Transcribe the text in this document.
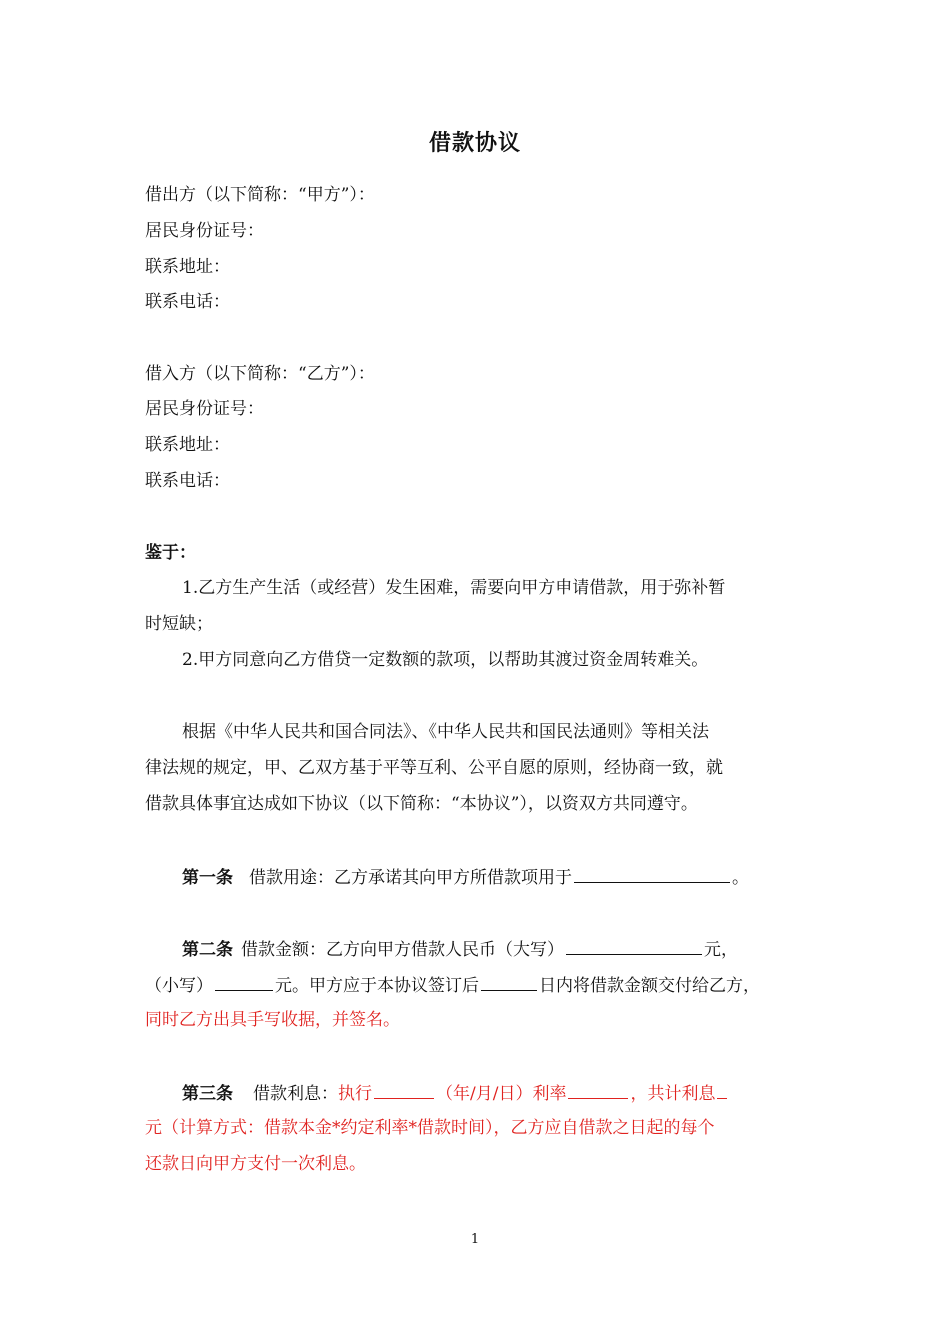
借款协议
借出方（以下简称：“甲方”）：
居民身份证号：
联系地址：
联系电话：
借入方（以下简称：“乙方”）：
居民身份证号：
联系地址：
联系电话：
鉴于：
1.乙方生产生活（或经营）发生困难，需要向甲方申请借款，用于弥补暂
时短缺；
2.甲方同意向乙方借贷一定数额的款项，以帮助其渡过资金周转难关。
根据《中华人民共和国合同法》、《中华人民共和国民法通则》等相关法
律法规的规定，甲、乙双方基于平等互利、公平自愿的原则，经协商一致，就
借款具体事宜达成如下协议（以下简称：“本协议”），以资双方共同遵守。
第一条 借款用途：乙方承诺其向甲方所借款项用于	。
第二条 借款金额：乙方向甲方借款人民币（大写）	元，
（小写）	元。甲方应于本协议签订后	日内将借款金额交付给乙方，
同时乙方出具手写收据，并签名。
第三条 借款利息：执行	（年/月/日）利率	，共计利息
元（计算方式：借款本金*约定利率*借款时间），乙方应自借款之日起的每个
还款日向甲方支付一次利息。
1
